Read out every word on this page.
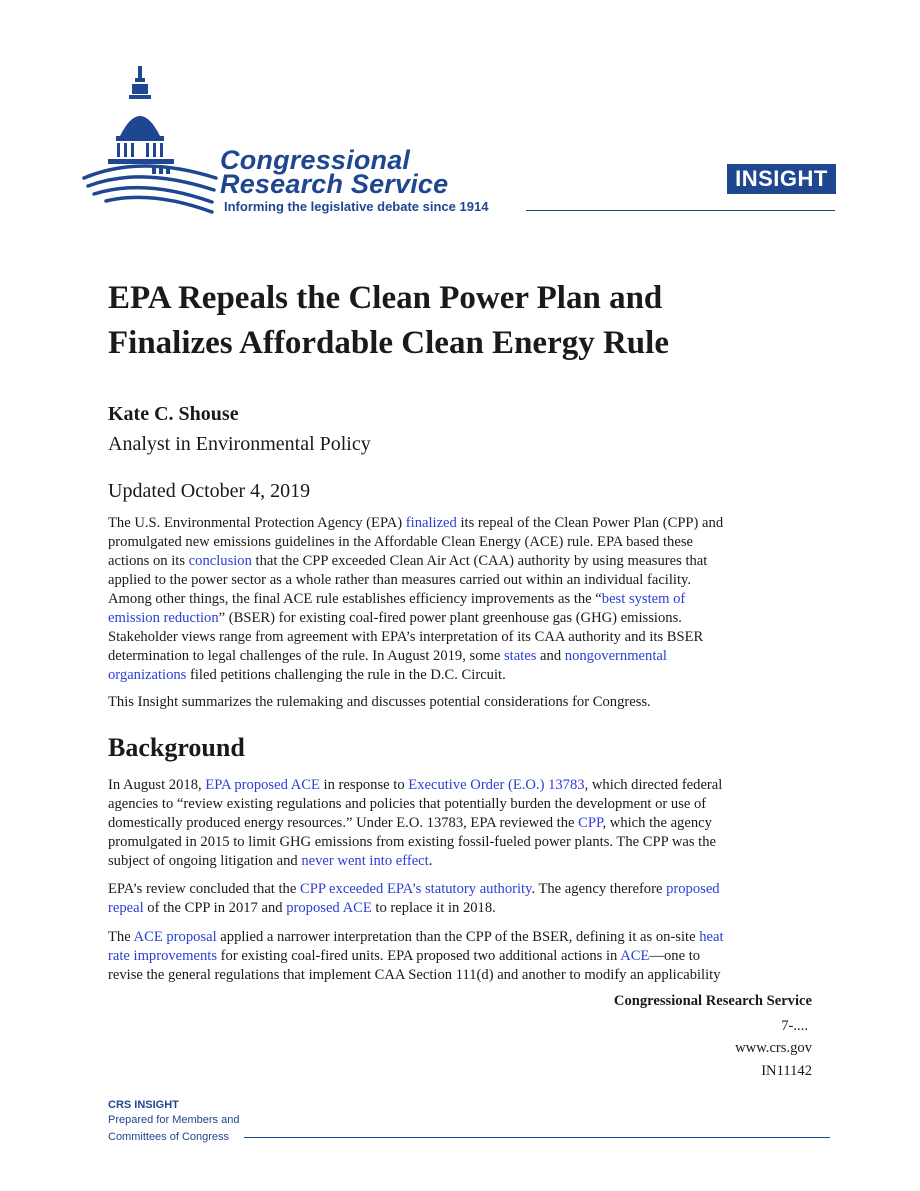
Congressional
Research Service
Informing the legislative debate since 1914
INSIGHT
EPA Repeals the Clean Power Plan and
Finalizes Affordable Clean Energy Rule
Kate C. Shouse
Analyst in Environmental Policy
Updated October 4, 2019
The U.S. Environmental Protection Agency (EPA) finalized its repeal of the Clean Power Plan (CPP) and
promulgated new emissions guidelines in the Affordable Clean Energy (ACE) rule. EPA based these
actions on its conclusion that the CPP exceeded Clean Air Act (CAA) authority by using measures that
applied to the power sector as a whole rather than measures carried out within an individual facility.
Among other things, the final ACE rule establishes efficiency improvements as the “best system of
emission reduction” (BSER) for existing coal-fired power plant greenhouse gas (GHG) emissions.
Stakeholder views range from agreement with EPA’s interpretation of its CAA authority and its BSER
determination to legal challenges of the rule. In August 2019, some states and nongovernmental
organizations filed petitions challenging the rule in the D.C. Circuit.
This Insight summarizes the rulemaking and discusses potential considerations for Congress.
Background
In August 2018, EPA proposed ACE in response to Executive Order (E.O.) 13783, which directed federal
agencies to “review existing regulations and policies that potentially burden the development or use of
domestically produced energy resources.” Under E.O. 13783, EPA reviewed the CPP, which the agency
promulgated in 2015 to limit GHG emissions from existing fossil-fueled power plants. The CPP was the
subject of ongoing litigation and never went into effect.
EPA’s review concluded that the CPP exceeded EPA’s statutory authority. The agency therefore proposed
repeal of the CPP in 2017 and proposed ACE to replace it in 2018.
The ACE proposal applied a narrower interpretation than the CPP of the BSER, defining it as on-site heat
rate improvements for existing coal-fired units. EPA proposed two additional actions in ACE—one to
revise the general regulations that implement CAA Section 111(d) and another to modify an applicability
Congressional Research Service
7-....
www.crs.gov
IN11142
CRS INSIGHT
Prepared for Members and
Committees of Congress
